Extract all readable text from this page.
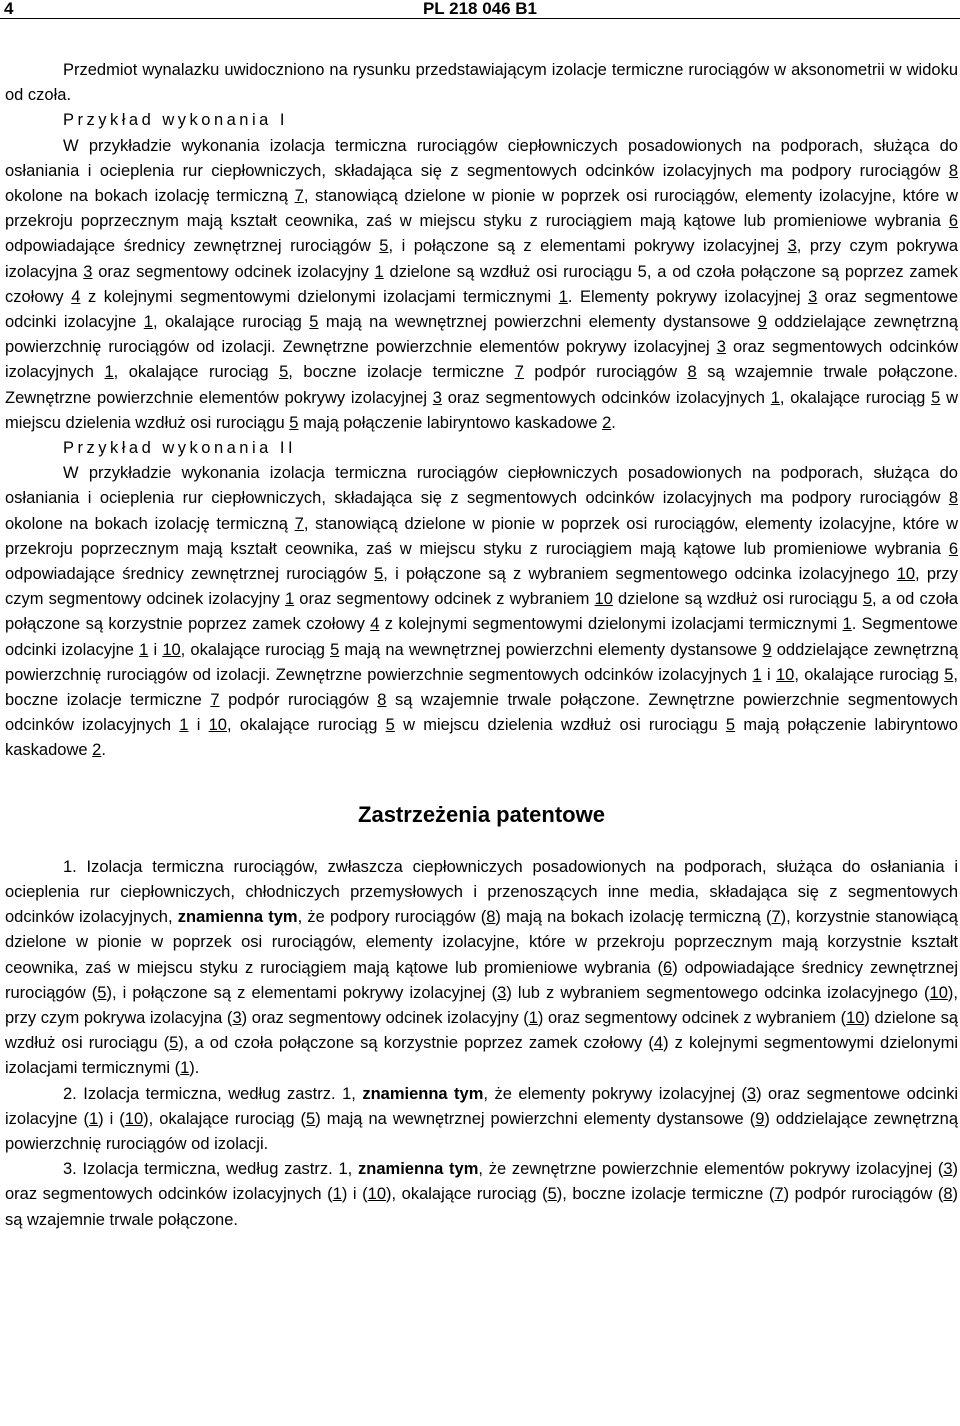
4	PL 218 046 B1

Przedmiot wynalazku uwidoczniono na rysunku przedstawiającym izolacje termiczne rurociągów w aksonometrii w widoku od czoła.

Przykład wykonania I

W przykładzie wykonania izolacja termiczna rurociągów ciepłowniczych posadowionych na podporach, służąca do osłaniania i ocieplenia rur ciepłowniczych, składająca się z segmentowych odcinków izolacyjnych ma podpory rurociągów 8 okolone na bokach izolację termiczną 7, stanowiącą dzielone w pionie w poprzek osi rurociągów, elementy izolacyjne, które w przekroju poprzecznym mają kształt ceownika, zaś w miejscu styku z rurociągiem mają kątowe lub promieniowe wybrania 6 odpowiadające średnicy zewnętrznej rurociągów 5, i połączone są z elementami pokrywy izolacyjnej 3, przy czym pokrywa izolacyjna 3 oraz segmentowy odcinek izolacyjny 1 dzielone są wzdłuż osi rurociągu 5, a od czoła połączone są poprzez zamek czołowy 4 z kolejnymi segmentowymi dzielonymi izolacjami termicznymi 1. Elementy pokrywy izolacyjnej 3 oraz segmentowe odcinki izolacyjne 1, okalające rurociąg 5 mają na wewnętrznej powierzchni elementy dystansowe 9 oddzielające zewnętrzną powierzchnię rurociągów od izolacji. Zewnętrzne powierzchnie elementów pokrywy izolacyjnej 3 oraz segmentowych odcinków izolacyjnych 1, okalające rurociąg 5, boczne izolacje termiczne 7 podpór rurociągów 8 są wzajemnie trwale połączone. Zewnętrzne powierzchnie elementów pokrywy izolacyjnej 3 oraz segmentowych odcinków izolacyjnych 1, okalające rurociąg 5 w miejscu dzielenia wzdłuż osi rurociągu 5 mają połączenie labiryntowo kaskadowe 2.

Przykład wykonania II

W przykładzie wykonania izolacja termiczna rurociągów ciepłowniczych posadowionych na podporach, służąca do osłaniania i ocieplenia rur ciepłowniczych, składająca się z segmentowych odcinków izolacyjnych ma podpory rurociągów 8 okolone na bokach izolację termiczną 7, stanowiącą dzielone w pionie w poprzek osi rurociągów, elementy izolacyjne, które w przekroju poprzecznym mają kształt ceownika, zaś w miejscu styku z rurociągiem mają kątowe lub promieniowe wybrania 6 odpowiadające średnicy zewnętrznej rurociągów 5, i połączone są z wybraniem segmentowego odcinka izolacyjnego 10, przy czym segmentowy odcinek izolacyjny 1 oraz segmentowy odcinek z wybraniem 10 dzielone są wzdłuż osi rurociągu 5, a od czoła połączone są korzystnie poprzez zamek czołowy 4 z kolejnymi segmentowymi dzielonymi izolacjami termicznymi 1. Segmentowe odcinki izolacyjne 1 i 10, okalające rurociąg 5 mają na wewnętrznej powierzchni elementy dystansowe 9 oddzielające zewnętrzną powierzchnię rurociągów od izolacji. Zewnętrzne powierzchnie segmentowych odcinków izolacyjnych 1 i 10, okalające rurociąg 5, boczne izolacje termiczne 7 podpór rurociągów 8 są wzajemnie trwale połączone. Zewnętrzne powierzchnie segmentowych odcinków izolacyjnych 1 i 10, okalające rurociąg 5 w miejscu dzielenia wzdłuż osi rurociągu 5 mają połączenie labiryntowo kaskadowe 2.

Zastrzeżenia patentowe

1. Izolacja termiczna rurociągów, zwłaszcza ciepłowniczych posadowionych na podporach, służąca do osłaniania i ocieplenia rur ciepłowniczych, chłodniczych przemysłowych i przenoszących inne media, składająca się z segmentowych odcinków izolacyjnych, znamienna tym, że podpory rurociągów (8) mają na bokach izolację termiczną (7), korzystnie stanowiącą dzielone w pionie w poprzek osi rurociągów, elementy izolacyjne, które w przekroju poprzecznym mają korzystnie kształt ceownika, zaś w miejscu styku z rurociągiem mają kątowe lub promieniowe wybrania (6) odpowiadające średnicy zewnętrznej rurociągów (5), i połączone są z elementami pokrywy izolacyjnej (3) lub z wybraniem segmentowego odcinka izolacyjnego (10), przy czym pokrywa izolacyjna (3) oraz segmentowy odcinek izolacyjny (1) oraz segmentowy odcinek z wybraniem (10) dzielone są wzdłuż osi rurociągu (5), a od czoła połączone są korzystnie poprzez zamek czołowy (4) z kolejnymi segmentowymi dzielonymi izolacjami termicznymi (1).

2. Izolacja termiczna, według zastrz. 1, znamienna tym, że elementy pokrywy izolacyjnej (3) oraz segmentowe odcinki izolacyjne (1) i (10), okalające rurociąg (5) mają na wewnętrznej powierzchni elementy dystansowe (9) oddzielające zewnętrzną powierzchnię rurociągów od izolacji.

3. Izolacja termiczna, według zastrz. 1, znamienna tym, że zewnętrzne powierzchnie elementów pokrywy izolacyjnej (3) oraz segmentowych odcinków izolacyjnych (1) i (10), okalające rurociąg (5), boczne izolacje termiczne (7) podpór rurociągów (8) są wzajemnie trwale połączone.
